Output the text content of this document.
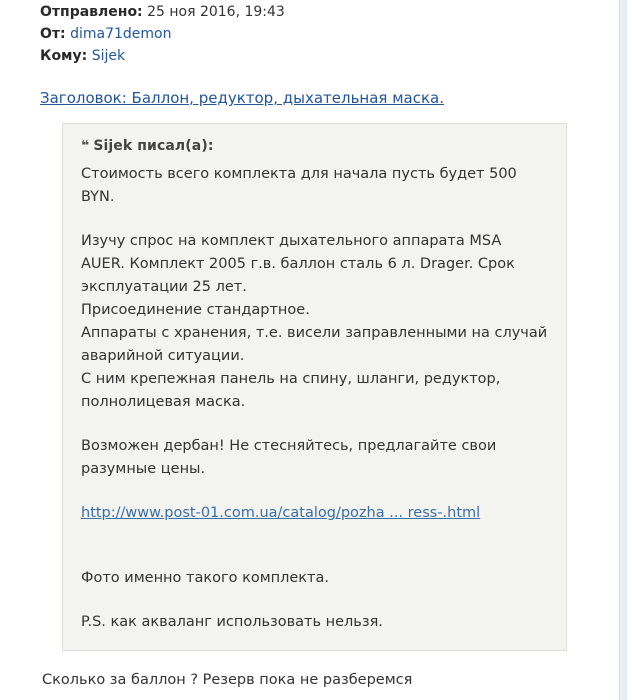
Отправлено: 25 ноя 2016, 19:43
От: dima71demon
Кому: Sijek
Заголовок: Баллон, редуктор, дыхательная маска.
❝ Sijek писал(а):

Стоимость всего комплекта для начала пусть будет 500 BYN.

Изучу спрос на комплект дыхательного аппарата MSA AUER. Комплект 2005 г.в. баллон сталь 6 л. Drager. Срок эксплуатации 25 лет.

Присоединение стандартное.

Аппараты с хранения, т.е. висели заправленными на случай аварийной ситуации.

С ним крепежная панель на спину, шланги, редуктор, полнолицевая маска.

Возможен дербан! Не стесняйтесь, предлагайте свои разумные цены.

http://www.post-01.com.ua/catalog/pozha ... ress-.html

Фото именно такого комплекта.

P.S. как акваланг использовать нельзя.

Сколько за баллон ? Резерв пока не разберемся
